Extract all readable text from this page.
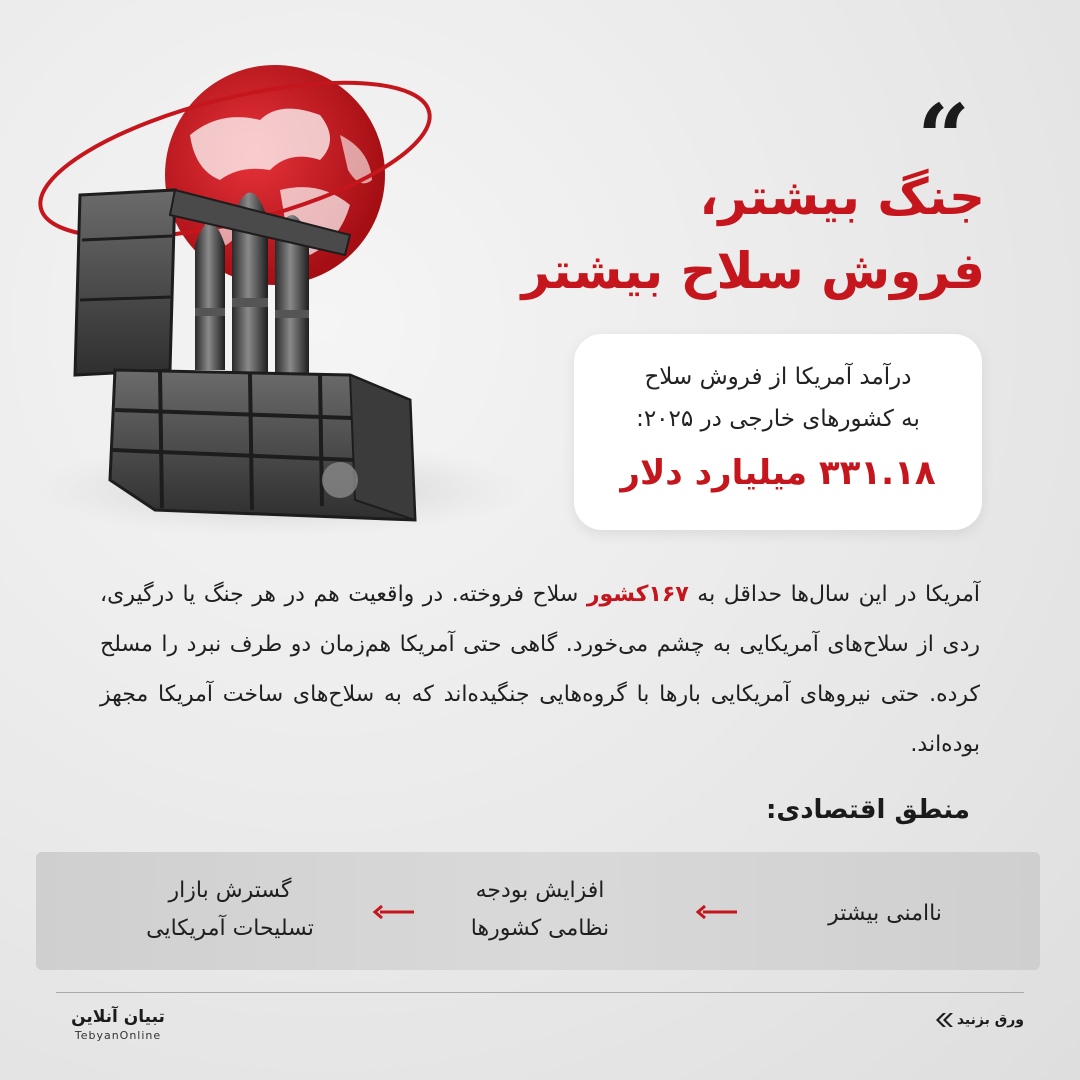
“
جنگ بیشتر،
فروش سلاح بیشتر
درآمد آمریکا از فروش سلاح
به کشورهای خارجی در ۲۰۲۵:
۳۳۱.۱۸ میلیارد دلار
آمریکا در این سال‌ها حداقل به ۱۶۷کشور سلاح فروخته. در واقعیت هم در هر جنگ یا درگیری، ردی از سلاح‌های آمریکایی به چشم می‌خورد. گاهی حتی آمریکا هم‌زمان دو طرف نبرد را مسلح کرده. حتی نیروهای آمریکایی بارها با گروه‌هایی جنگیده‌اند که به سلاح‌های ساخت آمریکا مجهز بوده‌اند.
منطق اقتصادی:
ناامنی بیشتر
افزایش بودجه
نظامی کشورها
گسترش بازار
تسلیحات آمریکایی
تبیان آنلاین
TebyanOnline
ورق بزنید
